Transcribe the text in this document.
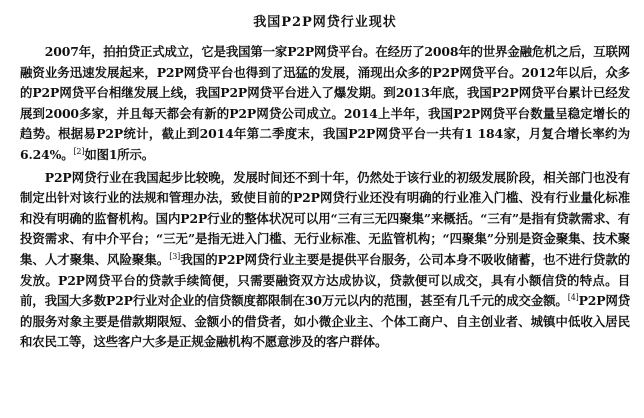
我国P2P网贷行业现状

2007年，拍拍贷正式成立，它是我国第一家P2P网贷平台。在经历了2008年的世界金融危机之后，互联网融资业务迅速发展起来，P2P网贷平台也得到了迅猛的发展，涌现出众多的P2P网贷平台。2012年以后，众多的P2P网贷平台相继发展上线，我国P2P网贷平台进入了爆发期。到2013年底，我国P2P网贷平台累计已经发展到2000多家，并且每天都会有新的P2P网贷公司成立。2014上半年，我国P2P网贷平台数量呈稳定增长的趋势。根据易P2P统计，截止到2014年第二季度末，我国P2P网贷平台一共有1 184家，月复合增长率约为6.24%。[2]如图1所示。

P2P网贷行业在我国起步比较晚，发展时间还不到十年，仍然处于该行业的初级发展阶段，相关部门也没有制定出针对该行业的法规和管理办法，致使目前的P2P网贷行业还没有明确的行业准入门槛、没有行业量化标准和没有明确的监督机构。国内P2P行业的整体状况可以用“三有三无四聚集”来概括。“三有”是指有贷款需求、有投资需求、有中介平台；“三无”是指无进入门槛、无行业标准、无监管机构；“四聚集”分别是资金聚集、技术聚集、人才聚集、风险聚集。[3]我国的P2P网贷行业主要是提供平台服务，公司本身不吸收储蓄，也不进行贷款的发放。P2P网贷平台的贷款手续简便，只需要融资双方达成协议，贷款便可以成交，具有小额信贷的特点。目前，我国大多数P2P行业对企业的信贷额度都限制在30万元以内的范围，甚至有几千元的成交金额。[4]P2P网贷的服务对象主要是借款期限短、金额小的借贷者，如小微企业主、个体工商户、自主创业者、城镇中低收入居民和农民工等，这些客户大多是正规金融机构不愿意涉及的客户群体。
